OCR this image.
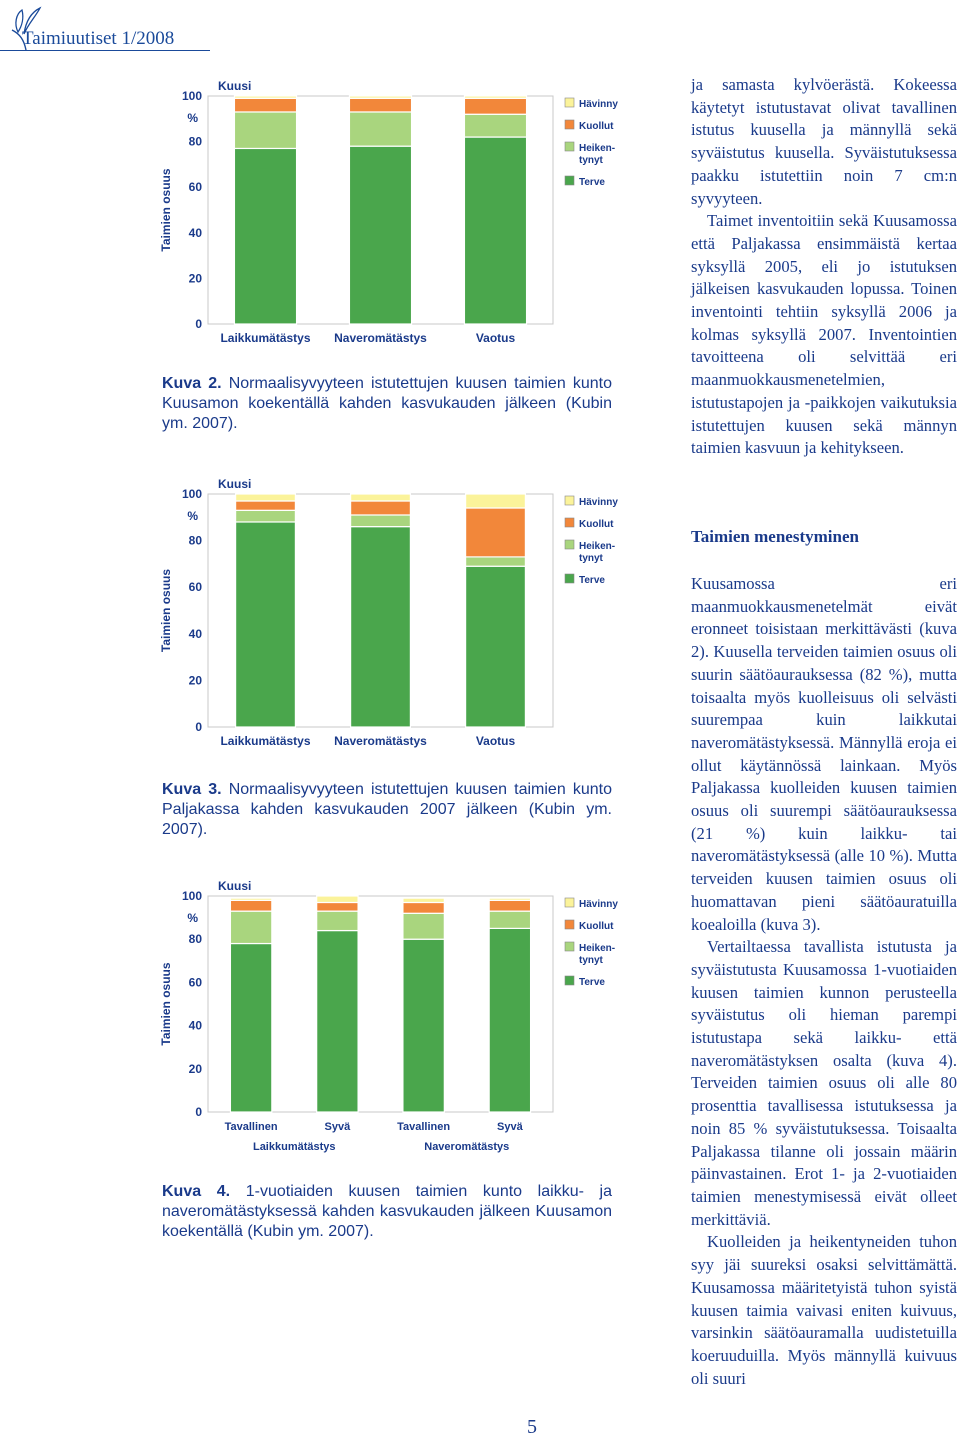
Taimiuutiset 1/2008
100
%
80
60
40
20
0
Kuusi
Taimien osuus
Laikkumätästys Naveromätästys	Vaotus
Hävinnyt
Kuollut
Heiken-
tynyt
Terve
Kuva 2. Normaalisyvyyteen istutettujen kuusen taimien kunto Kuusamon koekentällä kahden kasvukauden jälkeen (Kubin ym. 2007).
100
%
80
60
40
20
0
Kuusi
Taimien osuus
Laikkumätästys Naveromätästys	Vaotus
Hävinnyt
Kuollut
Heiken-
tynyt
Terve
Kuva 3. Normaalisyvyyteen istutettujen kuusen taimien kunto Paljakassa kahden kasvukauden 2007 jälkeen (Kubin ym. 2007).
100
%
80
60
40
20
0
Kuusi
Taimien osuus
Tavallinen	Syvä	Tavallinen	Syvä
Laikkumätästys	Naveromätästys
Hävinnyt
Kuollut
Heiken-
tynyt
Terve
Kuva 4. 1-vuotiaiden kuusen taimien kunto laikku- ja naveromätästyksessä kahden kasvukauden jälkeen Kuusamon koekentällä (Kubin ym. 2007).

ja samasta kylvöerästä. Kokeessa käytetyt istutustavat olivat tavallinen istutus kuusella ja männyllä sekä syväistutus kuusella. Syväistutuksessa paakku istutettiin noin 7 cm:n syvyyteen.

Taimet inventoitiin sekä Kuusamossa että Paljakassa ensimmäistä kertaa syksyllä 2005, eli jo istutuksen jälkeisen kasvukauden lopussa. Toinen inventointi tehtiin syksyllä 2006 ja kolmas syksyllä 2007. Inventointien tavoitteena oli selvittää eri maanmuokkausmenetelmien, istutustapojen ja -paikkojen vaikutuksia istutettujen kuusen sekä männyn taimien kasvuun ja kehitykseen.

Taimien menestyminen

Kuusamossa eri maanmuokkausmenetelmät eivät eronneet toisistaan merkittävästi (kuva 2). Kuusella terveiden taimien osuus oli suurin säätöaurauksessa (82 %), mutta toisaalta myös kuolleisuus oli selvästi suurempaa kuin laikkutai naveromätästyksessä. Männyllä eroja ei ollut käytännössä lainkaan. Myös Paljakassa kuolleiden kuusen taimien osuus oli suurempi säätöaurauksessa (21 %) kuin laikku- tai naveromätästyksessä (alle 10 %). Mutta terveiden kuusen taimien osuus oli huomattavan pieni säätöauratuilla koealoilla (kuva 3).

Vertailtaessa tavallista istutusta ja syväistutusta Kuusamossa 1-vuotiaiden kuusen taimien kunnon perusteella syväistutus oli hieman parempi istutustapa sekä laikku- että naveromätästyksen osalta (kuva 4). Terveiden taimien osuus oli alle 80 prosenttia tavallisessa istutuksessa ja noin 85 % syväistutuksessa. Toisaalta Paljakassa tilanne oli jossain määrin päinvastainen. Erot 1- ja 2-vuotiaiden taimien menestymisessä eivät olleet merkittäviä.

Kuolleiden ja heikentyneiden tuhon syy jäi suureksi osaksi selvittämättä. Kuusamossa määritetyistä tuhon syistä kuusen taimia vaivasi eniten kuivuus, varsinkin säätöauramalla uudistetuilla koeruuduilla. Myös männyllä kuivuus oli suuri

5
